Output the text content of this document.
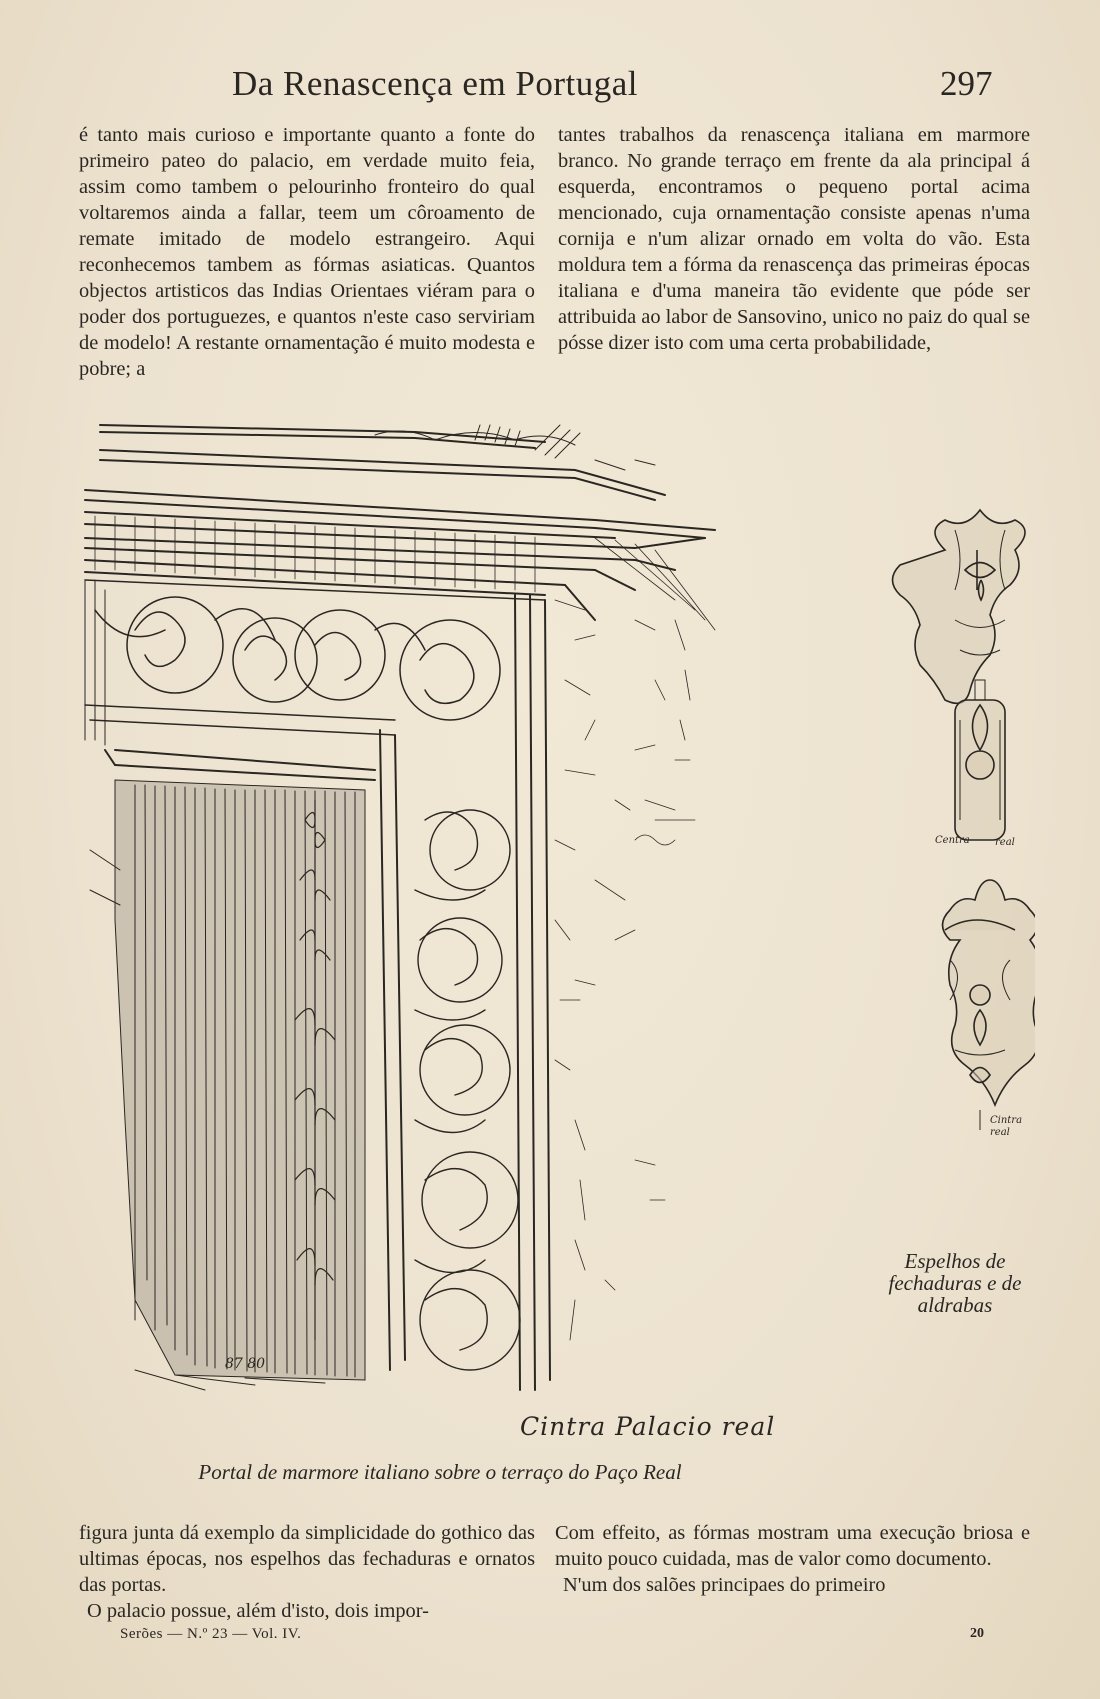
Da Renascença em Portugal	297

é tanto mais curioso e importante quanto a fonte do primeiro pateo do palacio, em verdade muito feia, assim como tambem o pelourinho fronteiro do qual voltaremos ainda a fallar, teem um côroamento de remate imitado de modelo estrangeiro. Aqui reconhecemos tambem as fórmas asiaticas. Quantos objectos artisticos das Indias Orientaes viéram para o poder dos portuguezes, e quantos n'este caso serviriam de modelo! A restante ornamentação é muito modesta e pobre; a

tantes trabalhos da renascença italiana em marmore branco. No grande terraço em frente da ala principal á esquerda, encontramos o pequeno portal acima mencionado, cuja ornamentação consiste apenas n'uma cornija e n'um alizar ornado em volta do vão. Esta moldura tem a fórma da renascença das primeiras épocas italiana e d'uma maneira tão evidente que póde ser attribuida ao labor de Sansovino, unico no paiz do qual se pósse dizer isto com uma certa probabilidade,

Centra	real
Cintra
real
87 80
Espelhos de fechaduras e de aldrabas
Cintra Palacio real
Portal de marmore italiano sobre o terraço do Paço Real

figura junta dá exemplo da simplicidade do gothico das ultimas épocas, nos espelhos das fechaduras e ornatos das portas.

O palacio possue, além d'isto, dois impor-

Com effeito, as fórmas mostram uma execução briosa e muito pouco cuidada, mas de valor como documento.

N'um dos salões principaes do primeiro

Serões — N.º 23 — Vol. IV.	20
